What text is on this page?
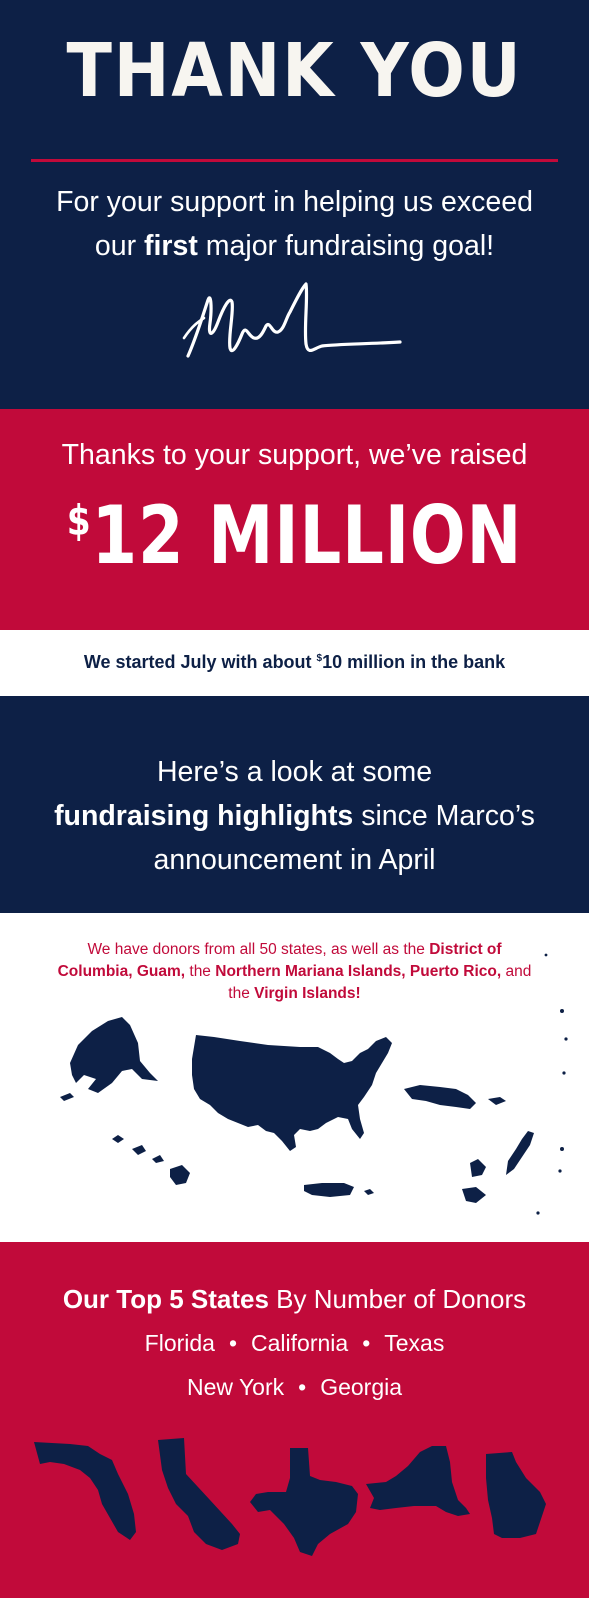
THANK YOU
For your support in helping us exceed
our first major fundraising goal!
Thanks to your support, we’ve raised
$12 MILLION
We started July with about $10 million in the bank
Here’s a look at some
fundraising highlights since Marco’s
announcement in April
We have donors from all 50 states, as well as the District of Columbia, Guam, the Northern Mariana Islands, Puerto Rico, and the Virgin Islands!
Our Top 5 States By Number of Donors
Florida • California • Texas
New York • Georgia
